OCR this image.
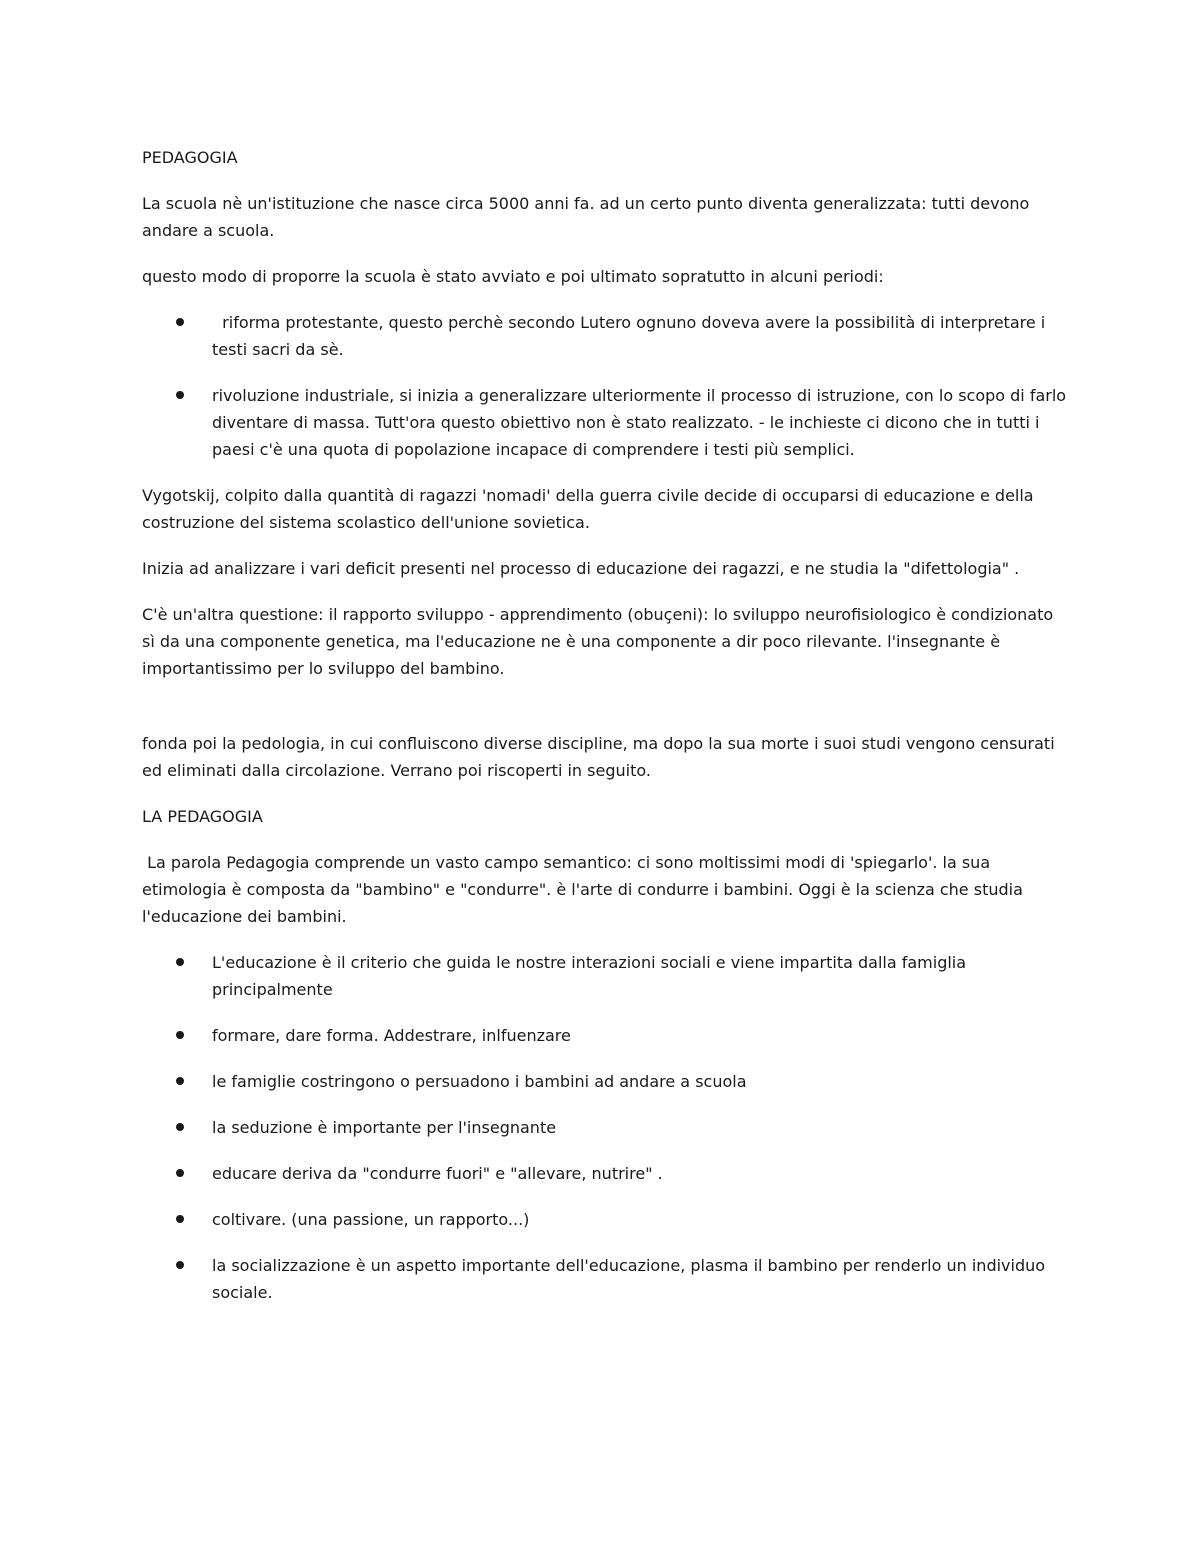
PEDAGOGIA

La scuola nè un'istituzione che nasce circa 5000 anni fa. ad un certo punto diventa generalizzata: tutti devono andare a scuola.

questo modo di proporre la scuola è stato avviato e poi ultimato sopratutto in alcuni periodi:

riforma protestante, questo perchè secondo Lutero ognuno doveva avere la possibilità di interpretare i testi sacri da sè.
rivoluzione industriale, si inizia a generalizzare ulteriormente il processo di istruzione, con lo scopo di farlo diventare di massa. Tutt'ora questo obiettivo non è stato realizzato. - le inchieste ci dicono che in tutti i paesi c'è una quota di popolazione incapace di comprendere i testi più semplici.

Vygotskij, colpito dalla quantità di ragazzi 'nomadi' della guerra civile decide di occuparsi di educazione e della costruzione del sistema scolastico dell'unione sovietica.

Inizia ad analizzare i vari deficit presenti nel processo di educazione dei ragazzi, e ne studia la "difettologia" .

C'è un'altra questione: il rapporto sviluppo - apprendimento (obuçeni): lo sviluppo neurofisiologico è condizionato sì da una componente genetica, ma l'educazione ne è una componente a dir poco rilevante. l'insegnante è importantissimo per lo sviluppo del bambino.

fonda poi la pedologia, in cui confluiscono diverse discipline, ma dopo la sua morte i suoi studi vengono censurati ed eliminati dalla circolazione. Verrano poi riscoperti in seguito.

LA PEDAGOGIA

La parola Pedagogia comprende un vasto campo semantico: ci sono moltissimi modi di 'spiegarlo'. la sua etimologia è composta da "bambino" e "condurre". è l'arte di condurre i bambini. Oggi è la scienza che studia l'educazione dei bambini.

L'educazione è il criterio che guida le nostre interazioni sociali e viene impartita dalla famiglia principalmente
formare, dare forma. Addestrare, inlfuenzare
le famiglie costringono o persuadono i bambini ad andare a scuola
la seduzione è importante per l'insegnante
educare deriva da "condurre fuori" e "allevare, nutrire" .
coltivare. (una passione, un rapporto...)
la socializzazione è un aspetto importante dell'educazione, plasma il bambino per renderlo un individuo sociale.
